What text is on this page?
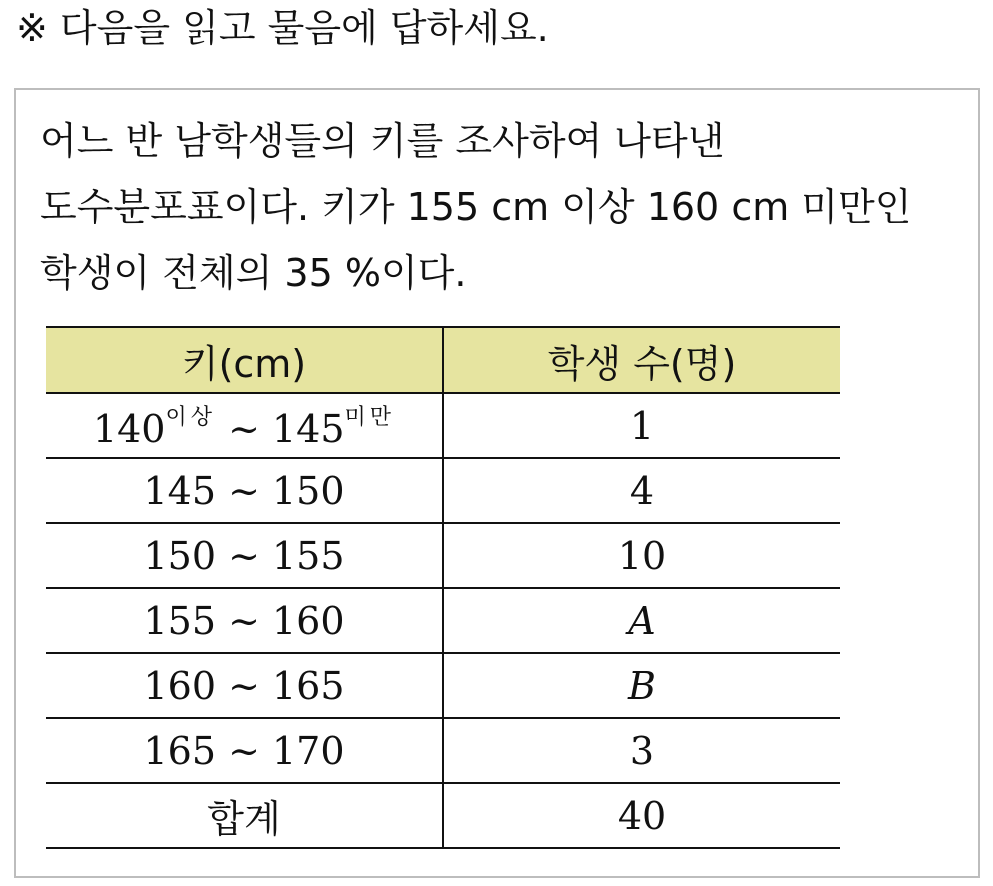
※ 다음을 읽고 물음에 답하세요.
어느 반 남학생들의 키를 조사하여 나타낸
도수분포표이다. 키가 155 cm 이상 160 cm 미만인
학생이 전체의 35 %이다.
키(cm)	학생 수(명)
$140^{이상}$ ~ $145^{미만}$	1
145 ~ 150	4
150 ~ 155	10
155 ~ 160	A
160 ~ 165	B
165 ~ 170	3
합계	40
